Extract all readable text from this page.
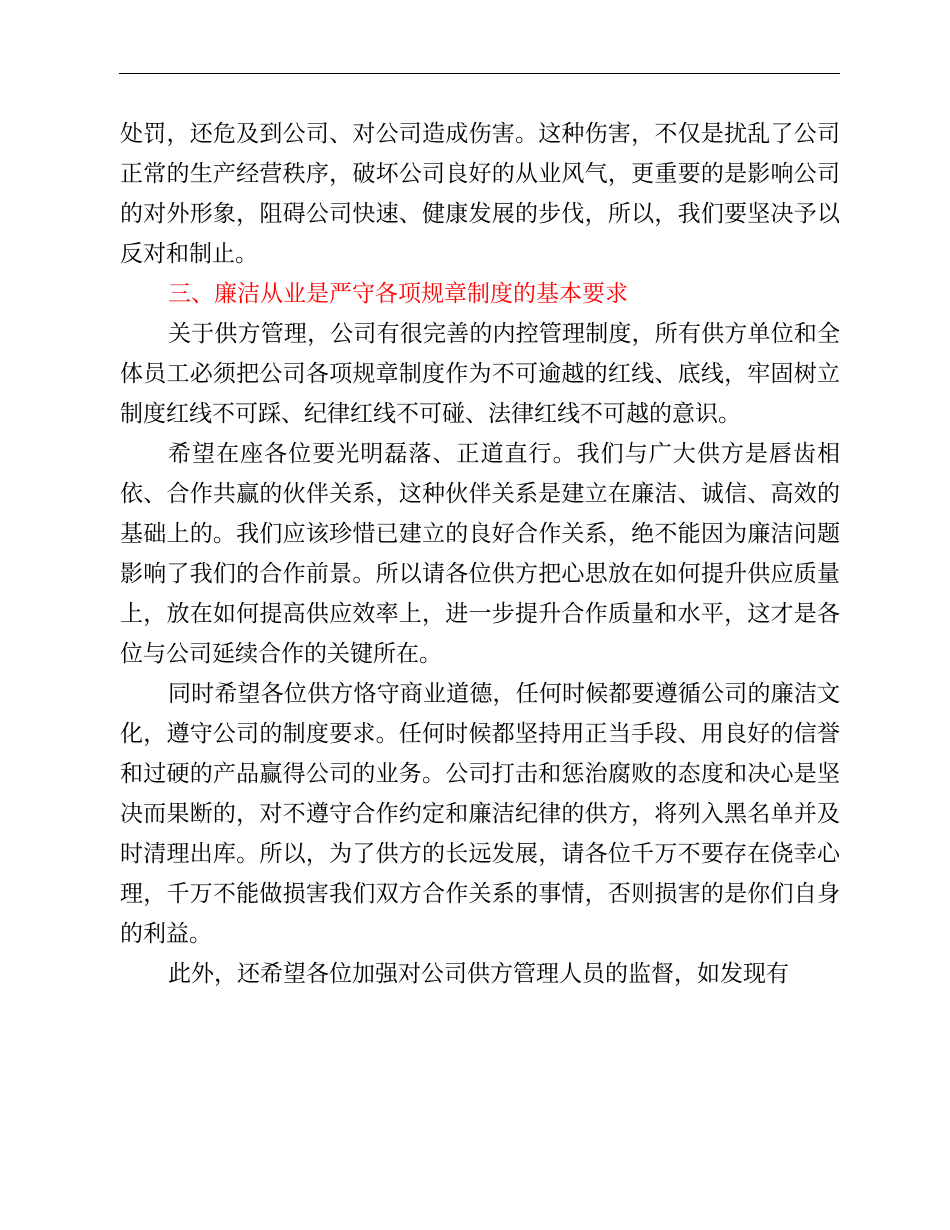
处罚，还危及到公司、对公司造成伤害。这种伤害，不仅是扰乱了公司正常的生产经营秩序，破坏公司良好的从业风气，更重要的是影响公司的对外形象，阻碍公司快速、健康发展的步伐，所以，我们要坚决予以反对和制止。

三、廉洁从业是严守各项规章制度的基本要求

关于供方管理，公司有很完善的内控管理制度，所有供方单位和全体员工必须把公司各项规章制度作为不可逾越的红线、底线，牢固树立制度红线不可踩、纪律红线不可碰、法律红线不可越的意识。

希望在座各位要光明磊落、正道直行。我们与广大供方是唇齿相依、合作共赢的伙伴关系，这种伙伴关系是建立在廉洁、诚信、高效的基础上的。我们应该珍惜已建立的良好合作关系，绝不能因为廉洁问题影响了我们的合作前景。所以请各位供方把心思放在如何提升供应质量上，放在如何提高供应效率上，进一步提升合作质量和水平，这才是各位与公司延续合作的关键所在。

同时希望各位供方恪守商业道德，任何时候都要遵循公司的廉洁文化，遵守公司的制度要求。任何时候都坚持用正当手段、用良好的信誉和过硬的产品赢得公司的业务。公司打击和惩治腐败的态度和决心是坚决而果断的，对不遵守合作约定和廉洁纪律的供方，将列入黑名单并及时清理出库。所以，为了供方的长远发展，请各位千万不要存在侥幸心理，千万不能做损害我们双方合作关系的事情，否则损害的是你们自身的利益。

此外，还希望各位加强对公司供方管理人员的监督，如发现有
